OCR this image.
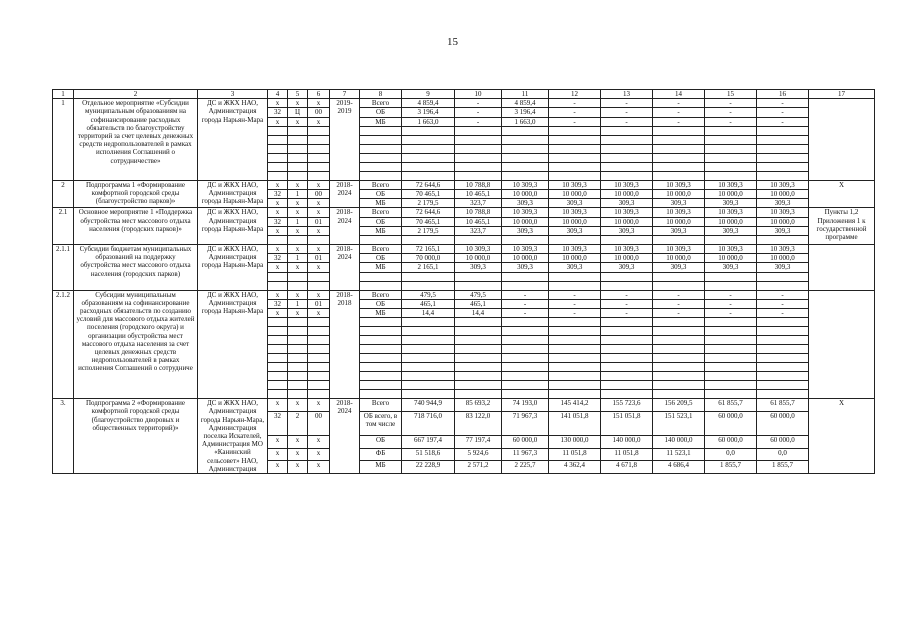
15
1	2	3	4	5	6	7	8	9	10	11	12	13	14	15	16	17
1	Отдельное мероприятие «Субсидии муниципальным образованиям на софинансирование расходных обязательств по благоустройству территорий за счет целевых денежных средств недропользователей в рамках исполнения Соглашений о сотрудничестве»	ДС и ЖКХ НАО, Администрация города Нарьян-Мара	x	x	x	2019-2019	Всего	4 859,4	-	4 859,4	-	-	-	-	-	
			32	Ц	00		ОБ	3 196,4	-	3 196,4	-	-	-	-	-	
			x	x	x		МБ	1 663,0	-	1 663,0	-	-	-	-	-	

2	Подпрограмма 1 «Формирование комфортной городской среды (благоустройство парков)»	ДС и ЖКХ НАО, Администрация города Нарьян-Мара	x	x	x	2018-2024	Всего	72 644,6	10 788,8	10 309,3	10 309,3	10 309,3	10 309,3	10 309,3	10 309,3	X
			32	1	00		ОБ	70 465,1	10 465,1	10 000,0	10 000,0	10 000,0	10 000,0	10 000,0	10 000,0	
			x	x	x		МБ	2 179,5	323,7	309,3	309,3	309,3	309,3	309,3	309,3	
2.1	Основное мероприятие 1 «Поддержка обустройства мест массового отдыха населения (городских парков)»	ДС и ЖКХ НАО, Администрация города Нарьян-Мара	x	x	x	2018-2024	Всего	72 644,6	10 788,8	10 309,3	10 309,3	10 309,3	10 309,3	10 309,3	10 309,3	Пункты 1,2 Приложения 1 к государственной программе
			32	1	01		ОБ	70 465,1	10 465,1	10 000,0	10 000,0	10 000,0	10 000,0	10 000,0	10 000,0	
			x	x	x		МБ	2 179,5	323,7	309,3	309,3	309,3	309,3	309,3	309,3	

2.1.1	Субсидии бюджетам муниципальных образований на поддержку обустройства мест массового отдыха населения (городских парков)	ДС и ЖКХ НАО, Администрация города Нарьян-Мара	x	x	x	2018-2024	Всего	72 165,1	10 309,3	10 309,3	10 309,3	10 309,3	10 309,3	10 309,3	10 309,3	
			32	1	01		ОБ	70 000,0	10 000,0	10 000,0	10 000,0	10 000,0	10 000,0	10 000,0	10 000,0	
			x	x	x		МБ	2 165,1	309,3	309,3	309,3	309,3	309,3	309,3	309,3	

2.1.2	Субсидии муниципальным образованиям на софинансирование расходных обязательств по созданию условий для массового отдыха жителей поселения (городского округа) и организации обустройства мест массового отдыха населения за счет целевых денежных средств недропользователей в рамках исполнения Соглашений о сотрудниче	ДС и ЖКХ НАО, Администрация города Нарьян-Мара	x	x	x	2018-2018	Всего	479,5	479,5	-	-	-	-	-	-	
			32	1	01		ОБ	465,1	465,1	-	-	-	-	-	-	
			x	x	x		МБ	14,4	14,4	-	-	-	-	-	-	

3.	Подпрограмма 2 «Формирование комфортной городской среды (благоустройство дворовых и общественных территорий)»	ДС и ЖКХ НАО, Администрация города Нарьян-Мара, Администрация поселка Искателей, Администрация МО «Канинский сельсовет» НАО, Администрация	x	x	x	2018-2024	Всего	740 944,9	85 693,2	74 193,0	145 414,2	155 723,6	156 209,5	61 855,7	61 855,7	X
			32	2	00		ОБ всего, в том числе	718 716,0	83 122,0	71 967,3	141 051,8	151 051,8	151 523,1	60 000,0	60 000,0	
			x	x	x		ОБ	667 197,4	77 197,4	60 000,0	130 000,0	140 000,0	140 000,0	60 000,0	60 000,0	
			x	x	x		ФБ	51 518,6	5 924,6	11 967,3	11 051,8	11 051,8	11 523,1	0,0	0,0	
			x	x	x		МБ	22 228,9	2 571,2	2 225,7	4 362,4	4 671,8	4 686,4	1 855,7	1 855,7	
